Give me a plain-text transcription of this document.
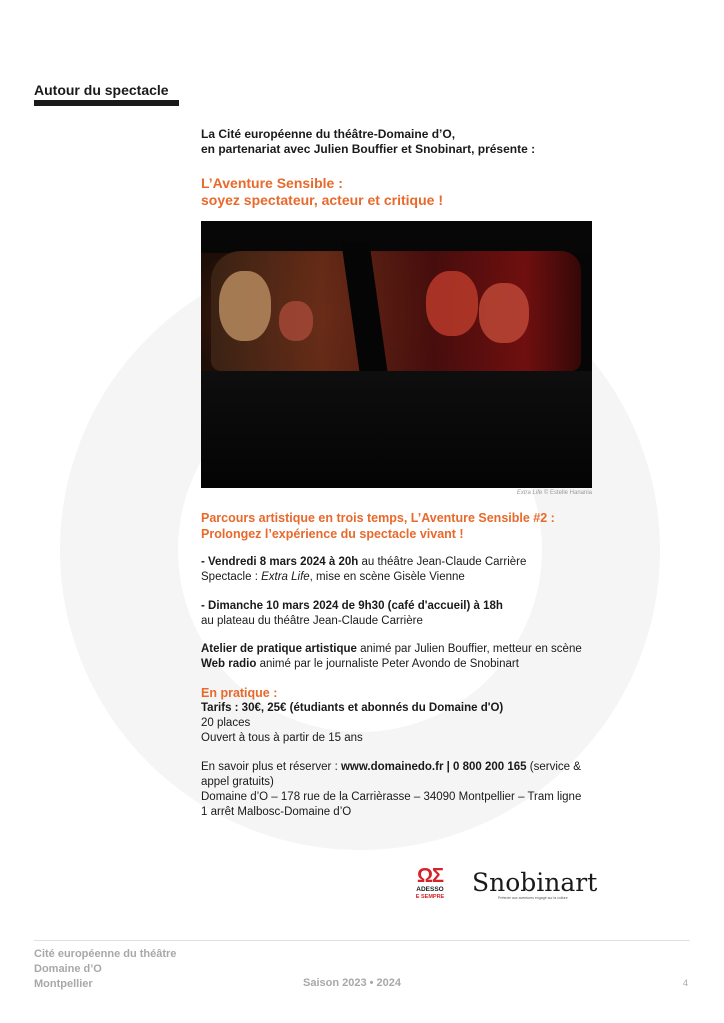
Autour du spectacle
La Cité européenne du théâtre-Domaine d’O,
en partenariat avec Julien Bouffier et Snobinart, présente :
L’Aventure Sensible :
soyez spectateur, acteur et critique !
Parcours artistique en trois temps, L’Aventure Sensible #2 :
Prolongez l’expérience du spectacle vivant !
- Vendredi 8 mars 2024 à 20h au théâtre Jean-Claude Carrière
Spectacle : Extra Life, mise en scène Gisèle Vienne
- Dimanche 10 mars 2024 de 9h30 (café d'accueil) à 18h
au plateau du théâtre Jean-Claude Carrière
Atelier de pratique artistique animé par Julien Bouffier, metteur en scène
Web radio animé par le journaliste Peter Avondo de Snobinart
En pratique :
Tarifs : 30€, 25€ (étudiants et abonnés du Domaine d'O)
20 places
Ouvert à tous à partir de 15 ans
En savoir plus et réserver : www.domainedo.fr | 0 800 200 165 (service &
appel gratuits)
Domaine d’O – 178 rue de la Carrièrasse – 34090 Montpellier – Tram ligne
1 arrêt Malbosc-Domaine d’O
Extra Life © Estelle Hanania
ΩΣ
ADESSO
E SEMPRE Snobinart
Prétexte aux aventures engagé sur la culture
Cité européenne du théâtre
Domaine d’O
Montpellier	Saison 2023 • 2024	4
